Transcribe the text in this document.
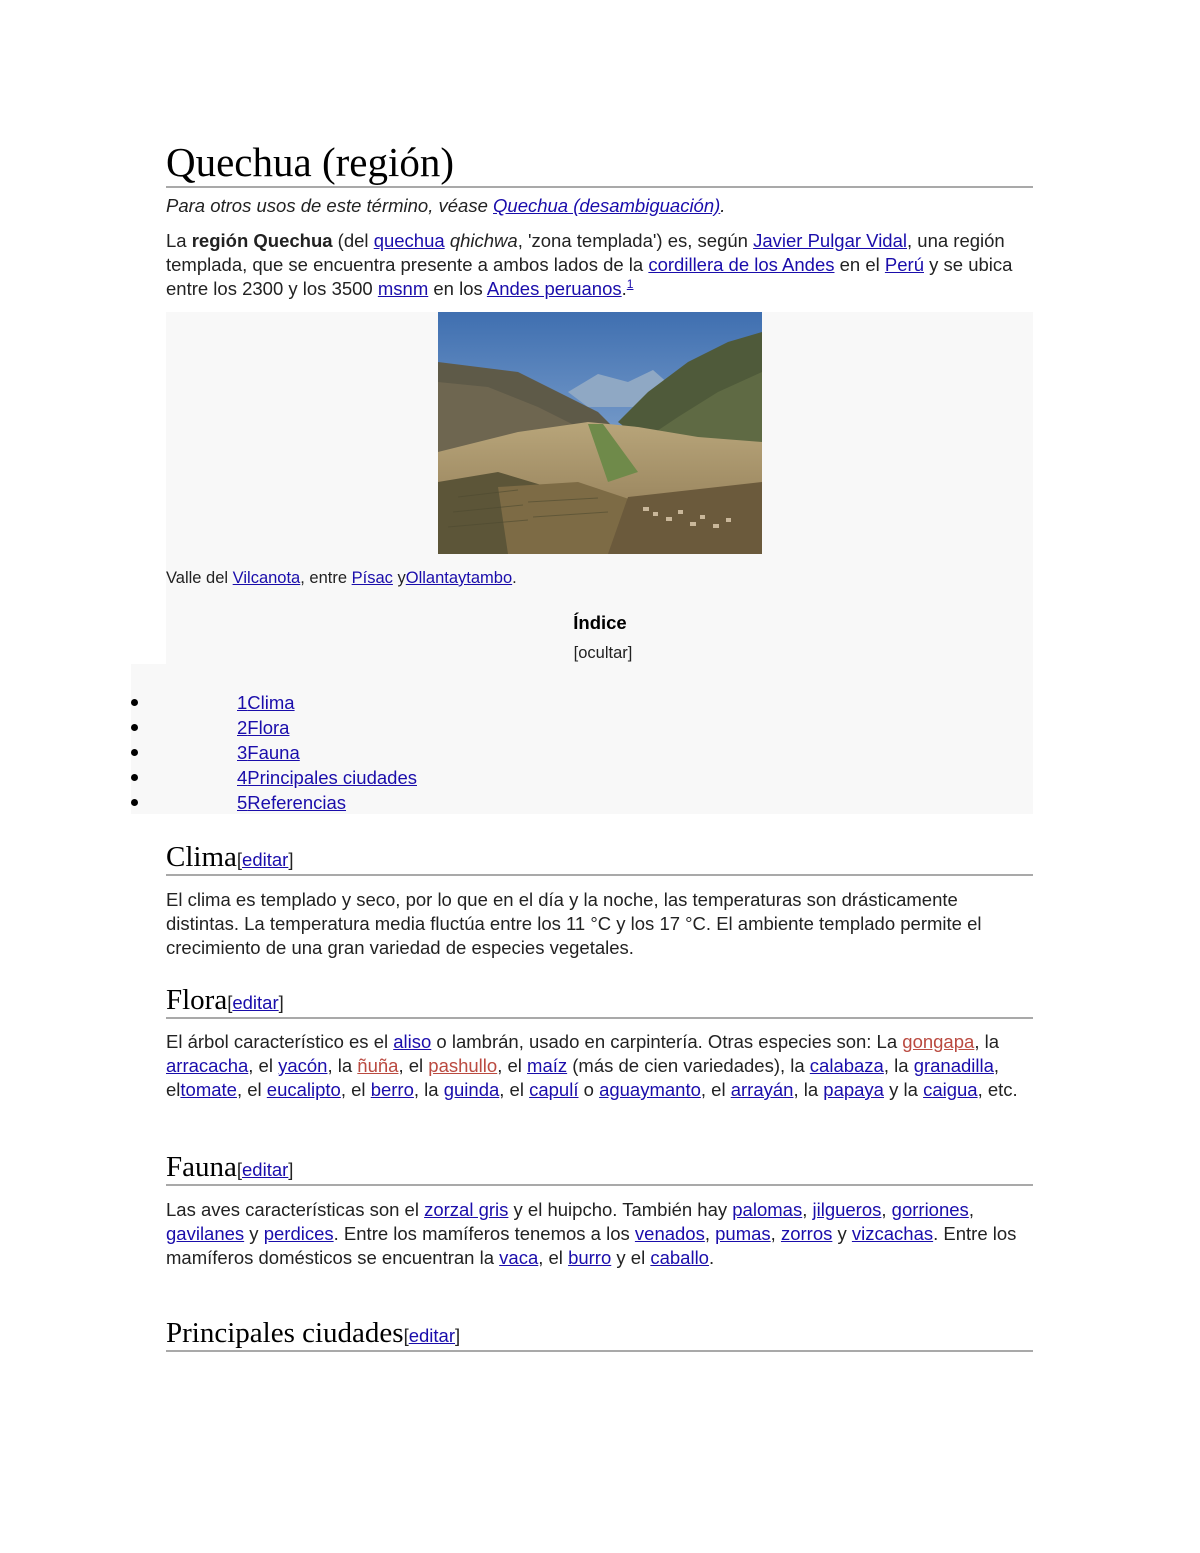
Quechua (región)
Para otros usos de este término, véase Quechua (desambiguación).

La región Quechua (del quechua qhichwa, 'zona templada') es, según Javier Pulgar Vidal, una región templada, que se encuentra presente a ambos lados de la cordillera de los Andes en el Perú y se ubica entre los 2300 y los 3500 msnm en los Andes peruanos.$^1$

Valle del Vilcanota, entre Písac yOllantaytambo.
Índice
[ocultar]
1Clima
2Flora
3Fauna
4Principales ciudades
5Referencias
Clima[editar]

El clima es templado y seco, por lo que en el día y la noche, las temperaturas son drásticamente distintas. La temperatura media fluctúa entre los 11 °C y los 17 °C. El ambiente templado permite el crecimiento de una gran variedad de especies vegetales.

Flora[editar]

El árbol característico es el aliso o lambrán, usado en carpintería. Otras especies son: La gongapa, la arracacha, el yacón, la ñuña, el pashullo, el maíz (más de cien variedades), la calabaza, la granadilla, eltomate, el eucalipto, el berro, la guinda, el capulí o aguaymanto, el arrayán, la papaya y la caigua, etc.

Fauna[editar]

Las aves características son el zorzal gris y el huipcho. También hay palomas, jilgueros, gorriones, gavilanes y perdices. Entre los mamíferos tenemos a los venados, pumas, zorros y vizcachas. Entre los mamíferos domésticos se encuentran la vaca, el burro y el caballo.

Principales ciudades[editar]
